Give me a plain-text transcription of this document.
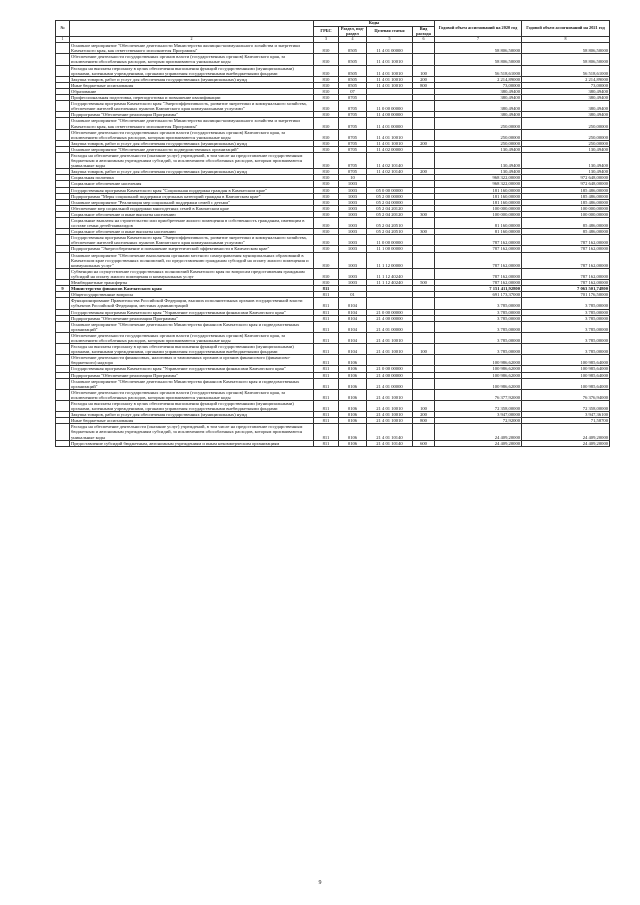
№		Коды				Годовой объем ассигнований на 2020 год	Годовой объем ассигнований на 2021 год
		ГРБС	Раздел, под-раздел	Целевая статья	Вид расхода		
1	2	3	4	5	6	7	8
	Основное мероприятие "Обеспечение деятельности Министерства жилищно-коммунального хозяйства и энергетики Камчатского края, как ответственного исполнителя Программы"	810	0505	11 4 01 00000		58 806,50000	58 806,50000
	Обеспечение деятельности государственных органов власти (государственных органов) Камчатского края, за исключением обособленных расходов, которым присваиваются уникальные коды	810	0505	11 4 01 10010		58 806,50000	58 806,50000
	Расходы на выплаты персоналу в целях обеспечения выполнения функций государственными (муниципальными) органами, казенными учреждениями, органами управления государственными внебюджетными фондами	810	0505	11 4 01 10010	100	56 518,61000	56 518,61000
	Закупка товаров, работ и услуг для обеспечения государственных (муниципальных) нужд	810	0505	11 4 01 10010	200	2 214,89000	2 214,89000
	Иные бюджетные ассигнования	810	0505	11 4 01 10010	800	73,00000	73,00000
	Образование	810	07			380,49400	380,49400
	Профессиональная подготовка, переподготовка и повышение квалификации	810	0705			380,49400	380,49400
	Государственная программа Камчатского края "Энергоэффективность, развитие энергетики и коммунального хозяйства, обеспечение жителей населенных пунктов Камчатского края коммунальными услугами"	810	0705	11 0 00 00000		380,49400	380,49400
	Подпрограмма "Обеспечение реализации Программы"	810	0705	11 4 00 00000		380,49400	380,49400
	Основное мероприятие "Обеспечение деятельности Министерства жилищно-коммунального хозяйства и энергетики Камчатского края, как ответственного исполнителя Программы"	810	0705	11 4 01 00000		250,00000	250,00000
	Обеспечение деятельности государственных органов власти (государственных органов) Камчатского края, за исключением обособленных расходов, которым присваиваются уникальные коды	810	0705	11 4 01 10010		250,00000	250,00000
	Закупка товаров, работ и услуг для обеспечения государственных (муниципальных) нужд	810	0705	11 4 01 10010	200	250,00000	250,00000
	Основное мероприятие "Обеспечение деятельности подведомственных организаций"	810	0705	11 4 02 00000		130,49400	130,49400
	Расходы на обеспечение деятельности (оказание услуг) учреждений, в том числе на предоставление государственным бюджетным и автономным учреждениям субсидий, за исключением обособленных расходов, которым присваиваются уникальные коды	810	0705	11 4 02 10140		130,49400	130,49400
	Закупка товаров, работ и услуг для обеспечения государственных (муниципальных) нужд	810	0705	11 4 02 10140	200	130,49400	130,49400
	Социальная политика	810	10			968 322,00000	972 648,00000
	Социальное обеспечение населения	810	1003			968 322,00000	972 648,00000
	Государственная программа Камчатского края "Социальная поддержка граждан в Камчатском крае"	810	1003	05 0 00 00000		181 160,00000	185 486,00000
	Подпрограмма "Меры социальной поддержки отдельных категорий граждан в Камчатском крае"	810	1003	05 2 00 00000		181 160,00000	185 486,00000
	Основное мероприятие "Реализация мер социальной поддержки семей с детьми"	810	1003	05 2 04 00000		181 160,00000	185 486,00000
	Обеспечение мер социальной поддержки многодетных семей в Камчатском крае	810	1003	05 2 04 20120		100 000,00000	100 000,00000
	Социальное обеспечение и иные выплаты населению	810	1003	05 2 04 20120	300	100 000,00000	100 000,00000
	Социальные выплаты на строительство или приобретение жилого помещения в собственность гражданам, имеющим в составе семьи детей-инвалидов	810	1003	05 2 04 20510		81 160,00000	85 486,00000
	Социальное обеспечение и иные выплаты населению	810	1003	05 2 04 20510	300	81 160,00000	85 486,00000
	Государственная программа Камчатского края "Энергоэффективность, развитие энергетики и коммунального хозяйства, обеспечение жителей населенных пунктов Камчатского края коммунальными услугами"	810	1003	11 0 00 00000		787 162,00000	787 162,00000
	Подпрограмма "Энергосбережение и повышение энергетической эффективности в Камчатском крае"	810	1003	11 1 00 00000		787 162,00000	787 162,00000
	Основное мероприятие "Обеспечение выполнения органами местного самоуправления муниципальных образований в Камчатском крае государственных полномочий, по предоставлению гражданам субсидий на оплату жилого помещения и коммунальных услуг"	810	1003	11 1 12 00000		787 162,00000	787 162,00000
	Субвенции на осуществление государственных полномочий Камчатского края по вопросам предоставления гражданам субсидий на оплату жилого помещения и коммунальных услуг	810	1003	11 1 12 40240		787 162,00000	787 162,00000
	Межбюджетные трансферты	810	1003	11 1 12 40240	500	787 162,00000	787 162,00000
9	Министерство финансов Камчатского края	811				7 151 411,92800	7 063 501,74800
	Общегосударственные вопросы	811	01			691 173,37000	701 176,50000
	Функционирование Правительства Российской Федерации, высших исполнительных органов государственной власти субъектов Российской Федерации, местных администраций	811	0104			3 785,00000	3 785,00000
	Государственная программа Камчатского края "Управление государственными финансами Камчатского края"	811	0104	21 0 00 00000		3 785,00000	3 785,00000
	Подпрограмма "Обеспечение реализации Программы"	811	0104	21 4 00 00000		3 785,00000	3 785,00000
	Основное мероприятие "Обеспечение деятельности Министерства финансов Камчатского края и подведомственных организаций"	811	0104	21 4 01 00000		3 785,00000	3 785,00000
	Обеспечение деятельности государственных органов власти (государственных органов) Камчатского края, за исключением обособленных расходов, которым присваиваются уникальные коды	811	0104	21 4 01 10010		3 785,00000	3 785,00000
	Расходы на выплаты персоналу в целях обеспечения выполнения функций государственными (муниципальными) органами, казенными учреждениями, органами управления государственными внебюджетными фондами	811	0104	21 4 01 10010	100	3 785,00000	3 785,00000
	Обеспечение деятельности финансовых, налоговых и таможенных органов и органов финансового (финансово-бюджетного) надзора	811	0106			100 986,62000	100 985,64000
	Государственная программа Камчатского края "Управление государственными финансами Камчатского края"	811	0106	21 0 00 00000		100 986,62000	100 985,64000
	Подпрограмма "Обеспечение реализации Программы"	811	0106	21 4 00 00000		100 986,62000	100 985,64000
	Основное мероприятие "Обеспечение деятельности Министерства финансов Камчатского края и подведомственных организаций"	811	0106	21 4 01 00000		100 986,62000	100 985,64000
	Обеспечение деятельности государственных органов власти (государственных органов) Камчатского края, за исключением обособленных расходов, которым присваиваются уникальные коды	811	0106	21 4 01 10010		76 377,92000	76 376,94000
	Расходы на выплаты персоналу в целях обеспечения выполнения функций государственными (муниципальными) органами, казенными учреждениями, органами управления государственными внебюджетными фондами	811	0106	21 4 01 10010	100	72 358,00000	72 358,00000
	Закупка товаров, работ и услуг для обеспечения государственных (муниципальных) нужд	811	0106	21 4 01 10010	200	3 947,00000	3 947,36100
	Иные бюджетные ассигнования	811	0106	21 4 01 10010	800	72,92000	71,58700
	Расходы на обеспечение деятельности (оказание услуг) учреждений, в том числе на предоставление государственным бюджетным и автономным учреждениям субсидий, за исключением обособленных расходов, которым присваиваются уникальные коды	811	0106	21 4 01 10140		24 409,20000	24 409,20000
	Предоставление субсидий бюджетным, автономным учреждениям и иным некоммерческим организациям	811	0106	21 4 01 10140	600	24 409,20000	24 409,20000
9
